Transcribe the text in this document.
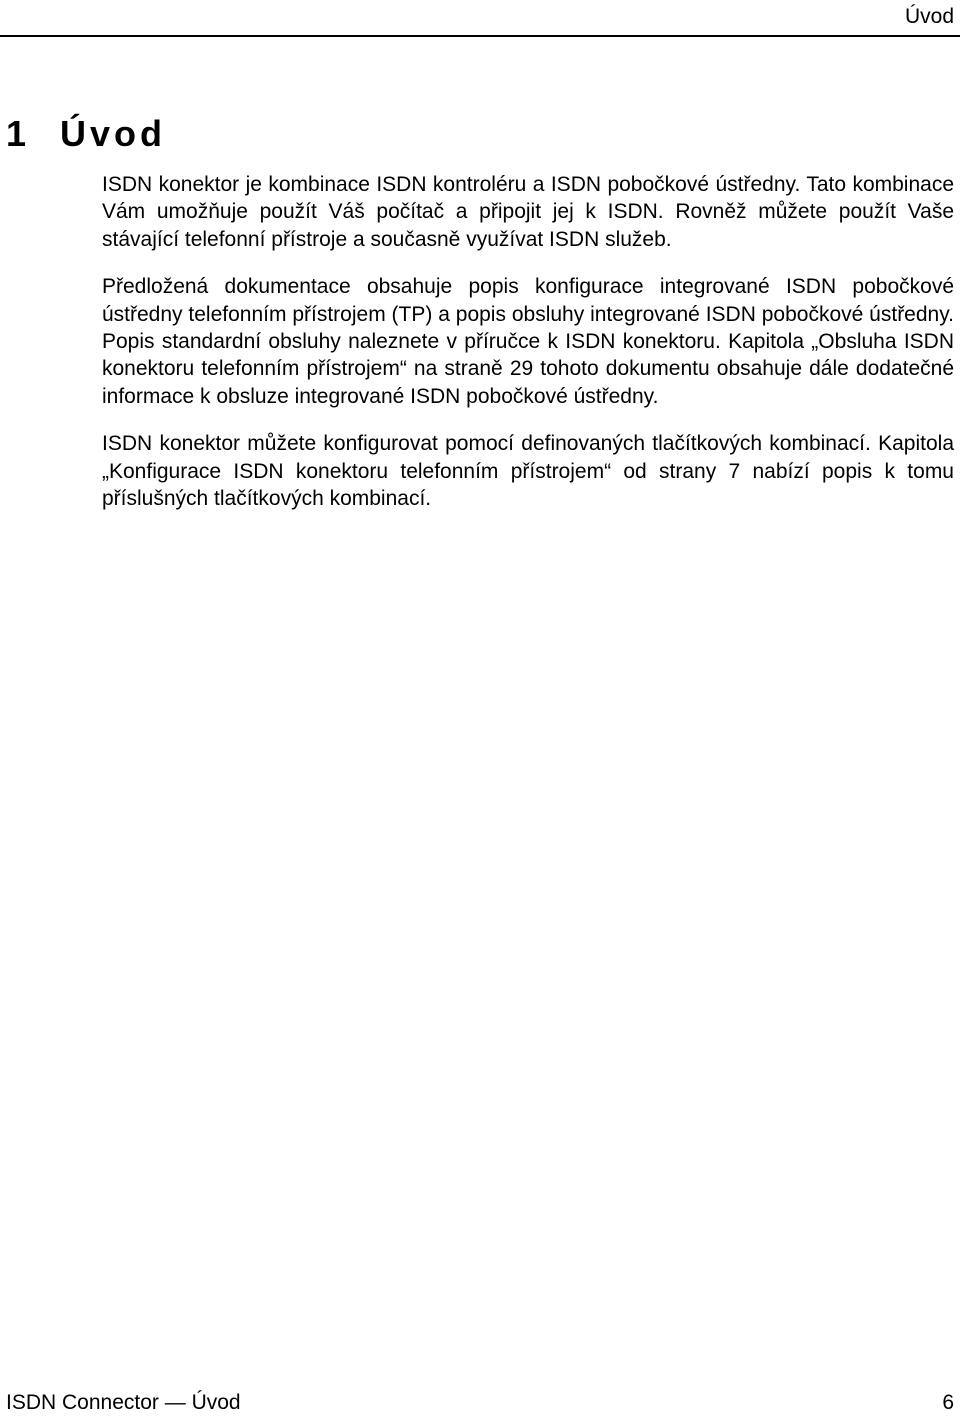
Úvod
1 Úvod

ISDN konektor je kombinace ISDN kontroléru a ISDN pobočkové ústředny. Tato kombinace Vám umožňuje použít Váš počítač a připojit jej k ISDN. Rovněž můžete použít Vaše stávající telefonní přístroje a současně využívat ISDN služeb.

Předložená dokumentace obsahuje popis konfigurace integrované ISDN pobočkové ústředny telefonním přístrojem (TP) a popis obsluhy integrované ISDN pobočkové ústředny. Popis standardní obsluhy naleznete v příručce k ISDN konektoru. Kapitola „Obsluha ISDN konektoru telefonním přístrojem“ na straně 29 tohoto dokumentu obsahuje dále dodatečné informace k obsluze integrované ISDN pobočkové ústředny.

ISDN konektor můžete konfigurovat pomocí definovaných tlačítkových kombinací. Kapitola „Konfigurace ISDN konektoru telefonním přístrojem“ od strany 7 nabízí popis k tomu příslušných tlačítkových kombinací.

ISDN Connector — Úvod	6
